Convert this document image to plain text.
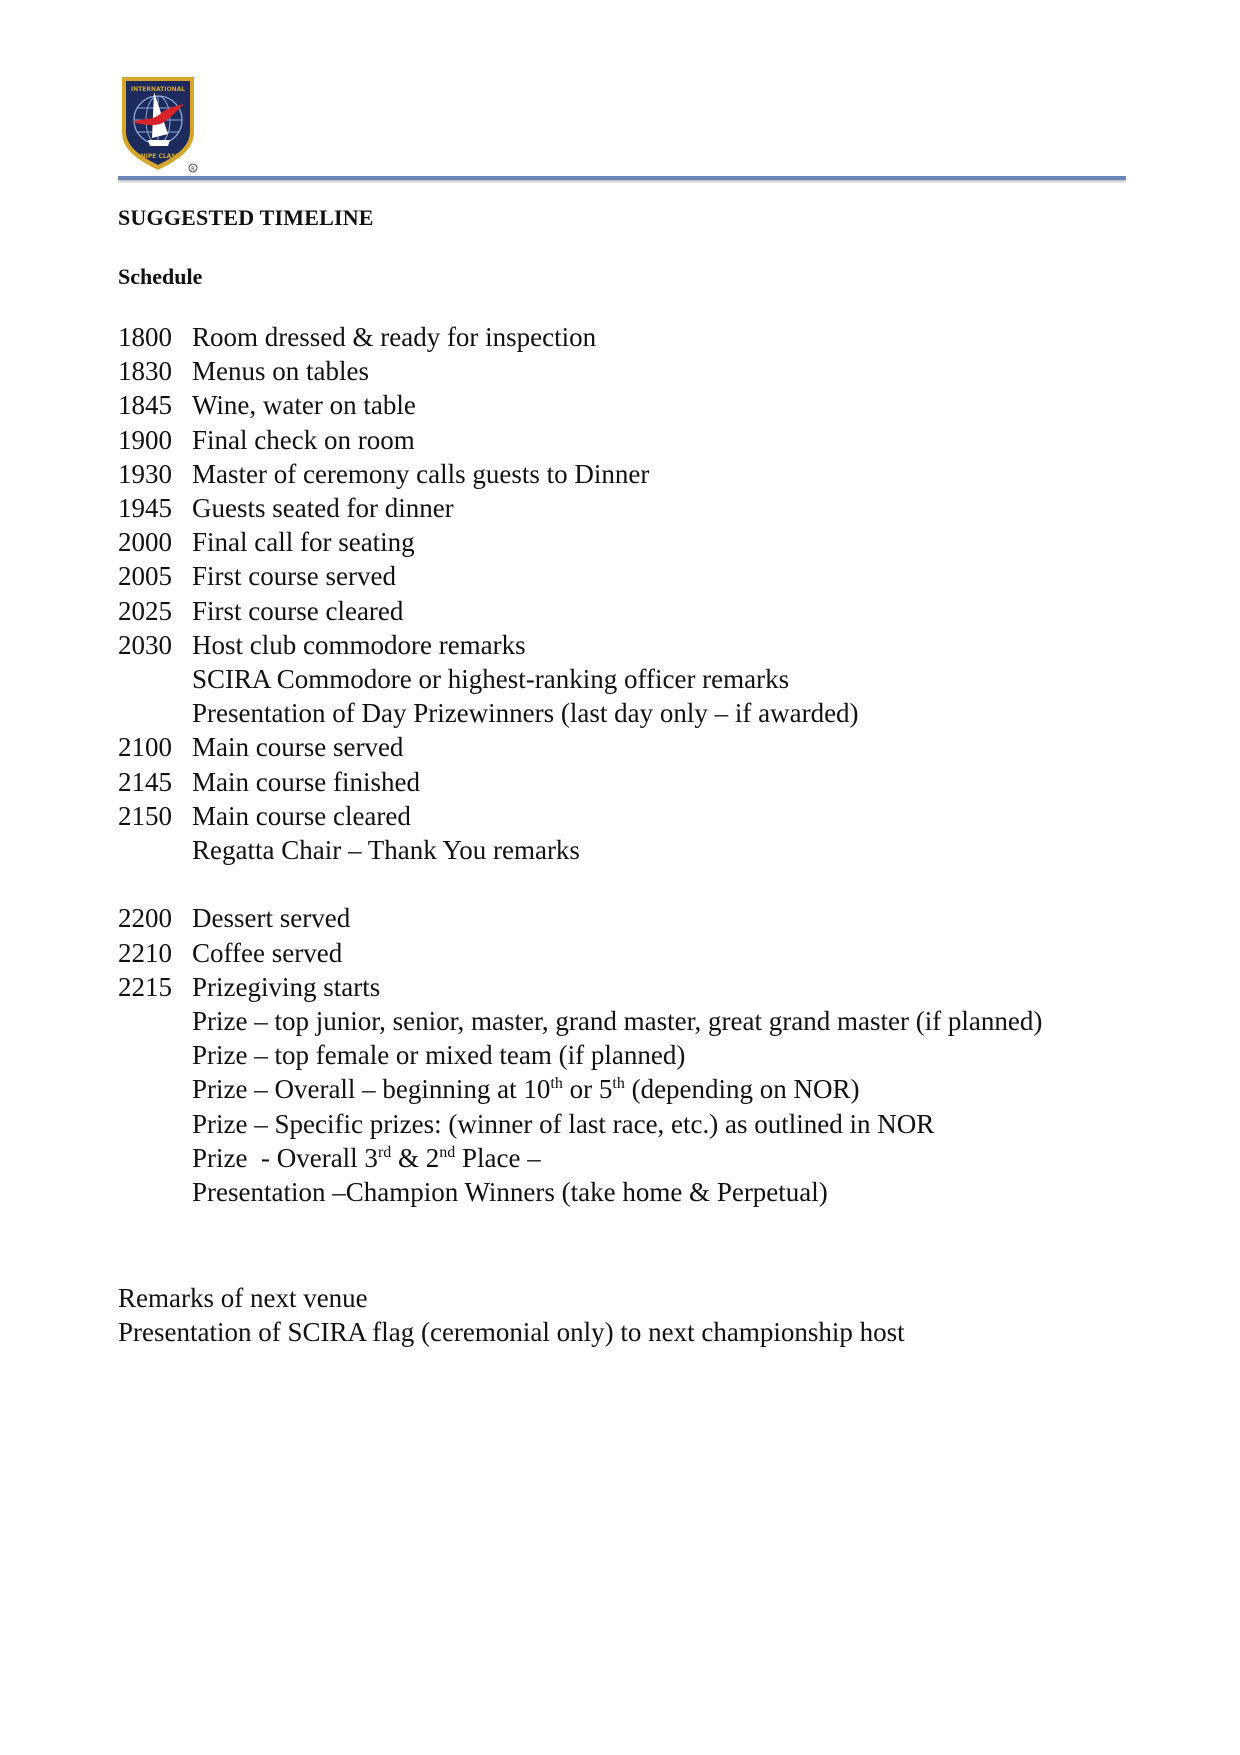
INTERNATIONAL
SNIPE CLASS
R
SUGGESTED TIMELINE
Schedule
1800 Room dressed & ready for inspection
1830 Menus on tables
1845 Wine, water on table
1900 Final check on room
1930 Master of ceremony calls guests to Dinner
1945 Guests seated for dinner
2000 Final call for seating
2005 First course served
2025 First course cleared
2030 Host club commodore remarks
SCIRA Commodore or highest-ranking officer remarks
Presentation of Day Prizewinners (last day only – if awarded)
2100 Main course served
2145 Main course finished
2150 Main course cleared
Regatta Chair – Thank You remarks
2200 Dessert served
2210 Coffee served
2215 Prizegiving starts
Prize – top junior, senior, master, grand master, great grand master (if planned)
Prize – top female or mixed team (if planned)
Prize – Overall – beginning at 10th or 5th (depending on NOR)
Prize – Specific prizes: (winner of last race, etc.) as outlined in NOR
Prize  - Overall 3rd & 2nd Place –
Presentation –Champion Winners (take home & Perpetual)
Remarks of next venue
Presentation of SCIRA flag (ceremonial only) to next championship host
